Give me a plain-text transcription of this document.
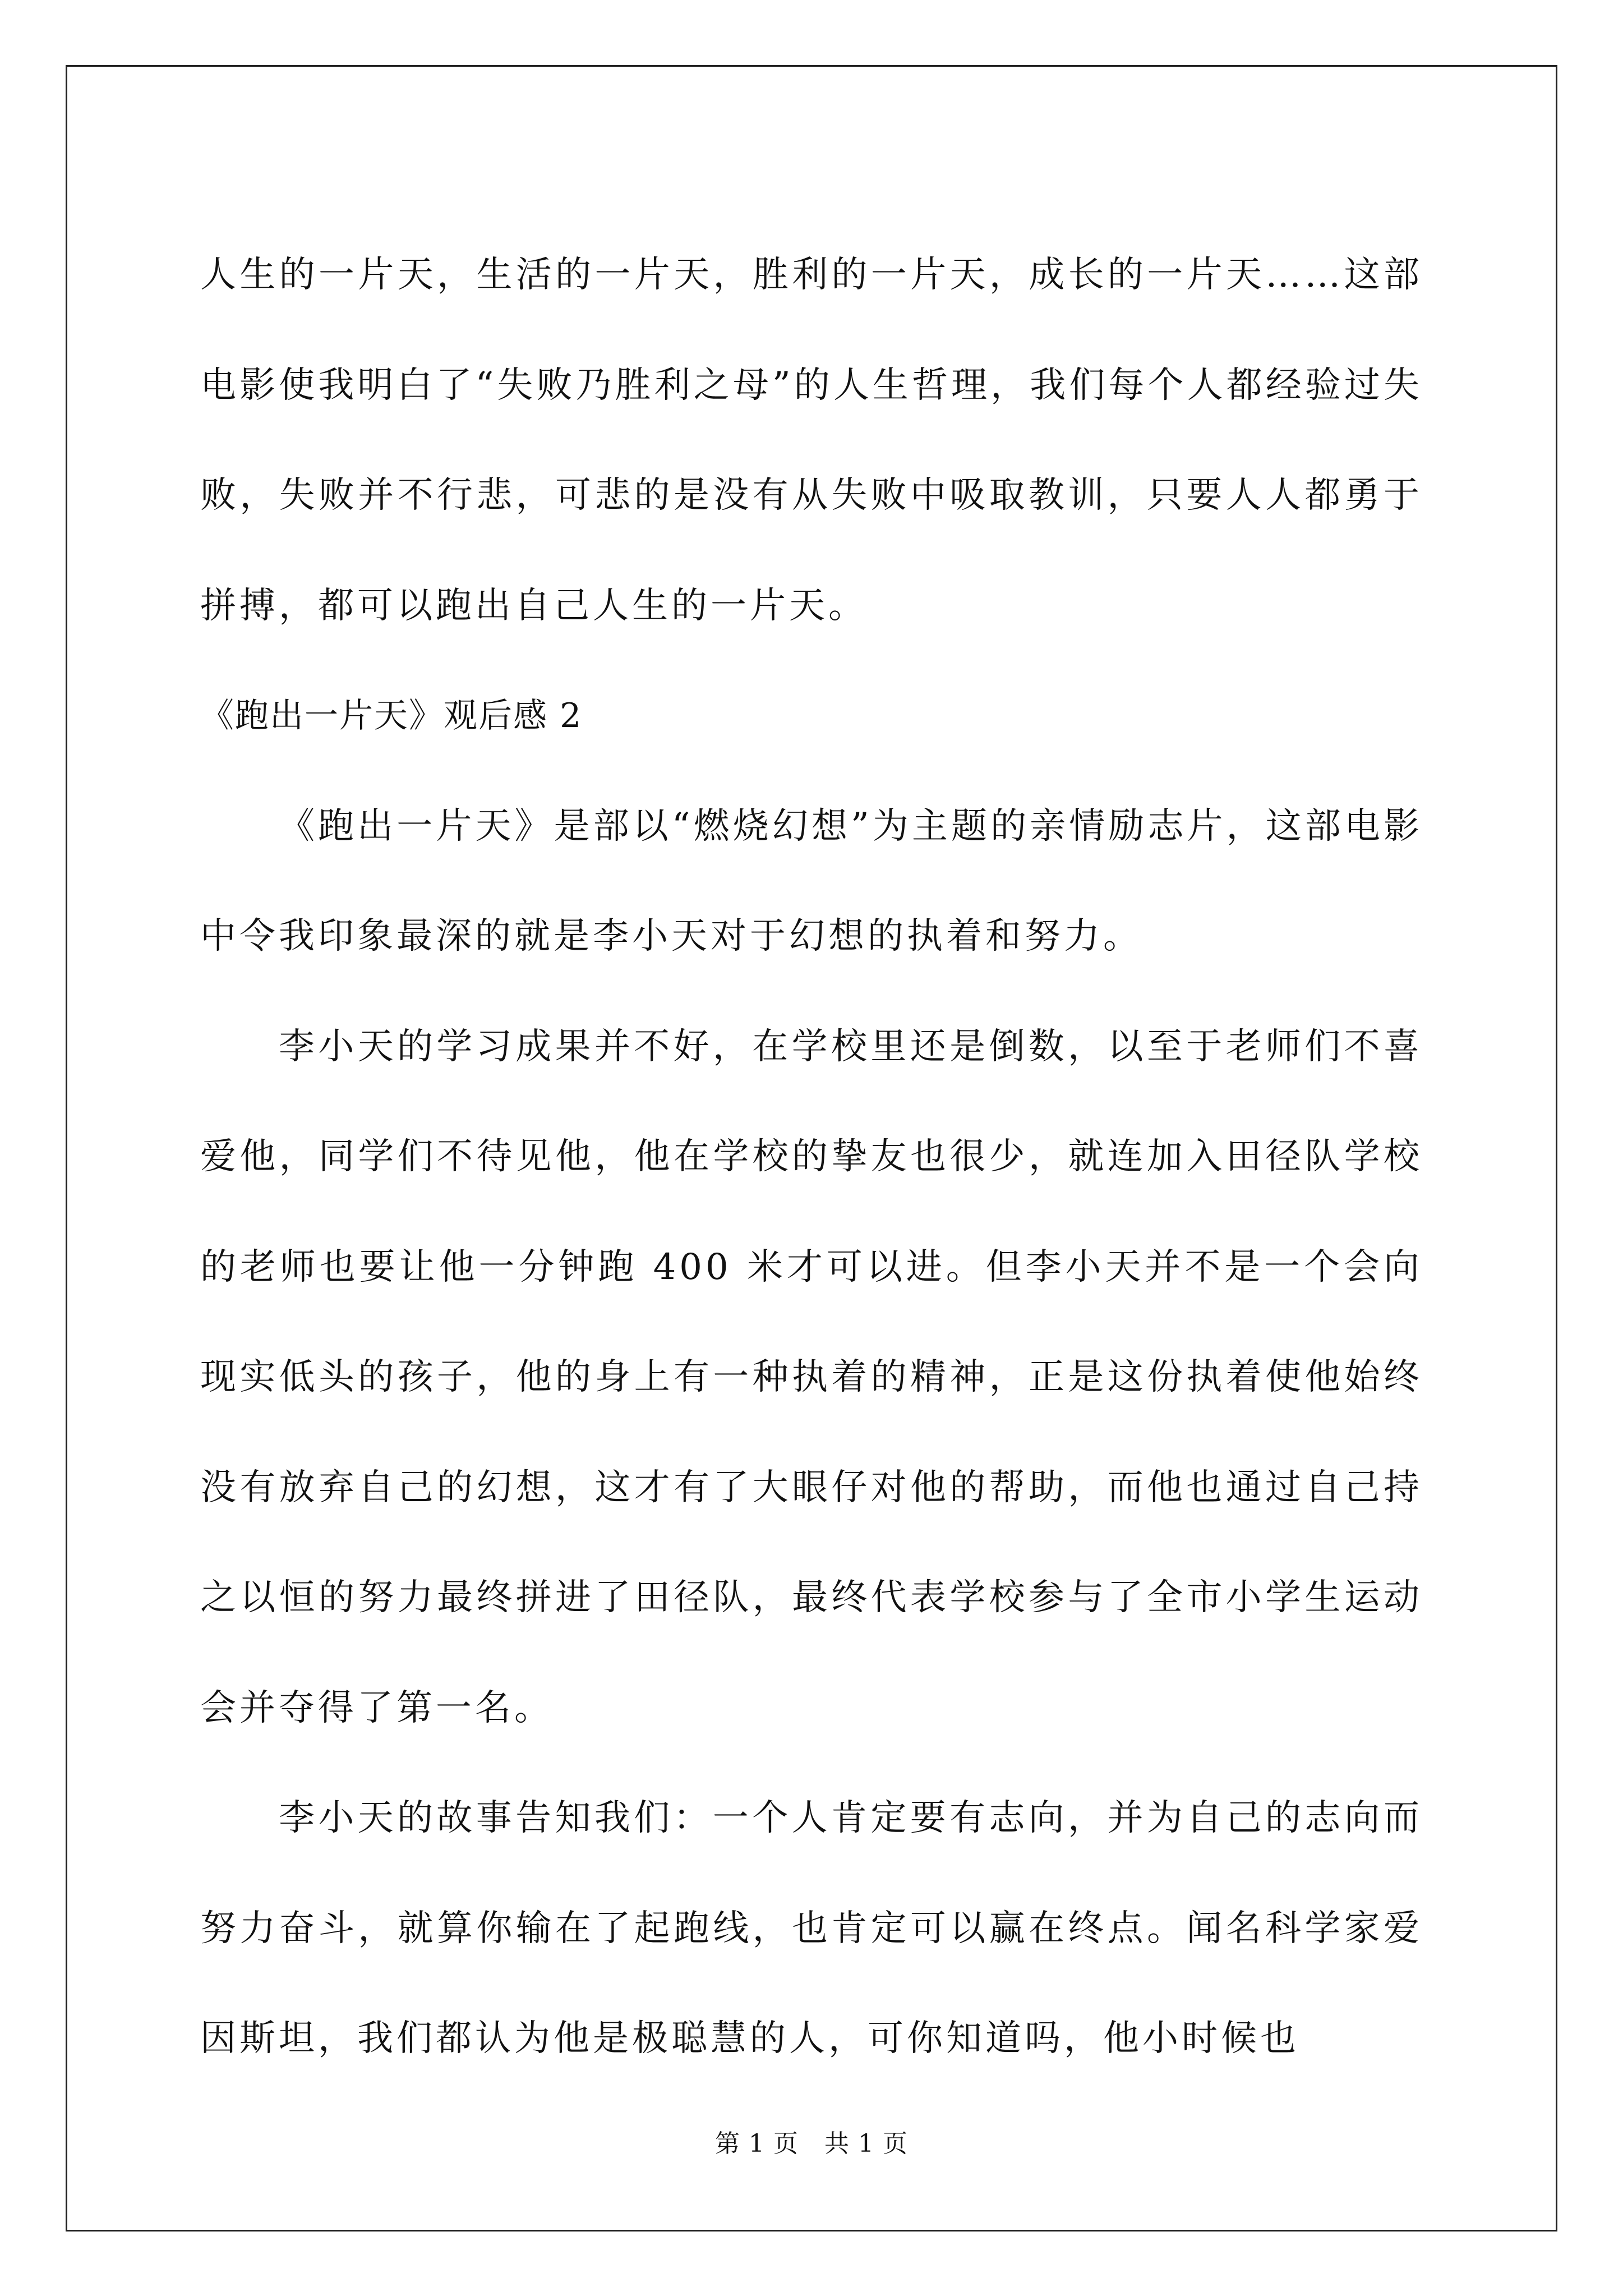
人生的一片天，生活的一片天，胜利的一片天，成长的一片天……这部电影使我明白了“失败乃胜利之母”的人生哲理，我们每个人都经验过失败，失败并不行悲，可悲的是没有从失败中吸取教训，只要人人都勇于拼搏，都可以跑出自己人生的一片天。

《跑出一片天》观后感 2

《跑出一片天》是部以“燃烧幻想”为主题的亲情励志片，这部电影中令我印象最深的就是李小天对于幻想的执着和努力。

李小天的学习成果并不好，在学校里还是倒数，以至于老师们不喜爱他，同学们不待见他，他在学校的挚友也很少，就连加入田径队学校的老师也要让他一分钟跑 400 米才可以进。但李小天并不是一个会向现实低头的孩子，他的身上有一种执着的精神，正是这份执着使他始终没有放弃自己的幻想，这才有了大眼仔对他的帮助，而他也通过自己持之以恒的努力最终拼进了田径队，最终代表学校参与了全市小学生运动会并夺得了第一名。

李小天的故事告知我们：一个人肯定要有志向，并为自己的志向而努力奋斗，就算你输在了起跑线，也肯定可以赢在终点。闻名科学家爱因斯坦，我们都认为他是极聪慧的人，可你知道吗，他小时候也

第 1 页 共 1 页
